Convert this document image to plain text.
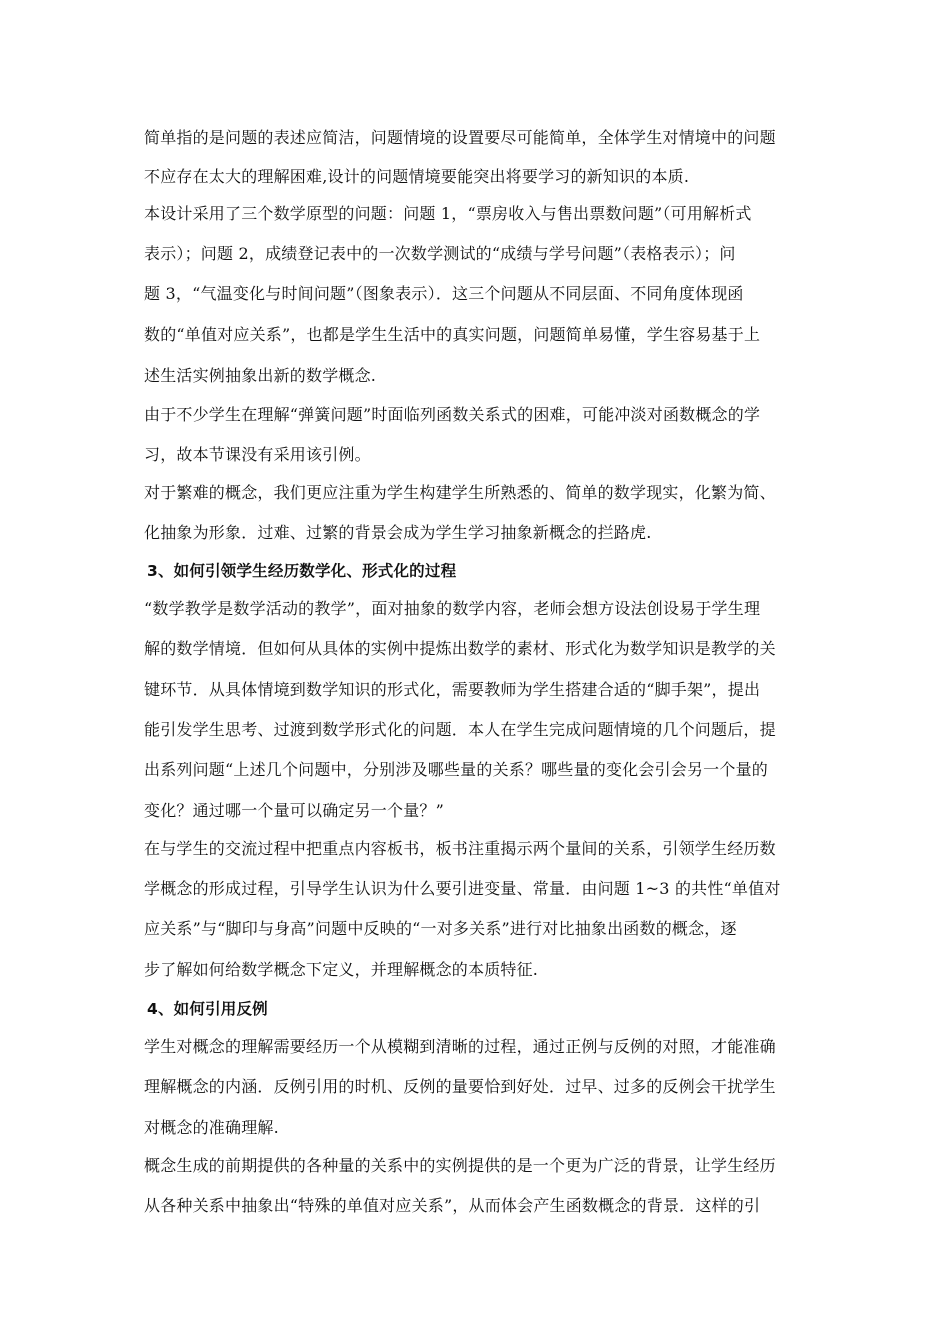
简单指的是问题的表述应简洁，问题情境的设置要尽可能简单，全体学生对情境中的问题
不应存在太大的理解困难,设计的问题情境要能突出将要学习的新知识的本质.
本设计采用了三个数学原型的问题：问题 1，“票房收入与售出票数问题”（可用解析式
表示）；问题 2，成绩登记表中的一次数学测试的“成绩与学号问题”（表格表示）；问
题 3，“气温变化与时间问题”（图象表示）．这三个问题从不同层面、不同角度体现函
数的“单值对应关系”，也都是学生生活中的真实问题，问题简单易懂，学生容易基于上
述生活实例抽象出新的数学概念.
由于不少学生在理解“弹簧问题”时面临列函数关系式的困难，可能冲淡对函数概念的学
习，故本节课没有采用该引例。
对于繁难的概念，我们更应注重为学生构建学生所熟悉的、简单的数学现实，化繁为简、
化抽象为形象．过难、过繁的背景会成为学生学习抽象新概念的拦路虎.
3、如何引领学生经历数学化、形式化的过程
“数学教学是数学活动的教学”，面对抽象的数学内容，老师会想方设法创设易于学生理
解的数学情境．但如何从具体的实例中提炼出数学的素材、形式化为数学知识是教学的关
键环节．从具体情境到数学知识的形式化，需要教师为学生搭建合适的“脚手架”，提出
能引发学生思考、过渡到数学形式化的问题．本人在学生完成问题情境的几个问题后，提
出系列问题“上述几个问题中，分别涉及哪些量的关系？哪些量的变化会引会另一个量的
变化？通过哪一个量可以确定另一个量？”
在与学生的交流过程中把重点内容板书，板书注重揭示两个量间的关系，引领学生经历数
学概念的形成过程，引导学生认识为什么要引进变量、常量．由问题 1~3 的共性“单值对
应关系”与“脚印与身高”问题中反映的“一对多关系”进行对比抽象出函数的概念，逐
步了解如何给数学概念下定义，并理解概念的本质特征.
4、如何引用反例
学生对概念的理解需要经历一个从模糊到清晰的过程，通过正例与反例的对照，才能准确
理解概念的内涵．反例引用的时机、反例的量要恰到好处．过早、过多的反例会干扰学生
对概念的准确理解.
概念生成的前期提供的各种量的关系中的实例提供的是一个更为广泛的背景，让学生经历
从各种关系中抽象出“特殊的单值对应关系”，从而体会产生函数概念的背景．这样的引
